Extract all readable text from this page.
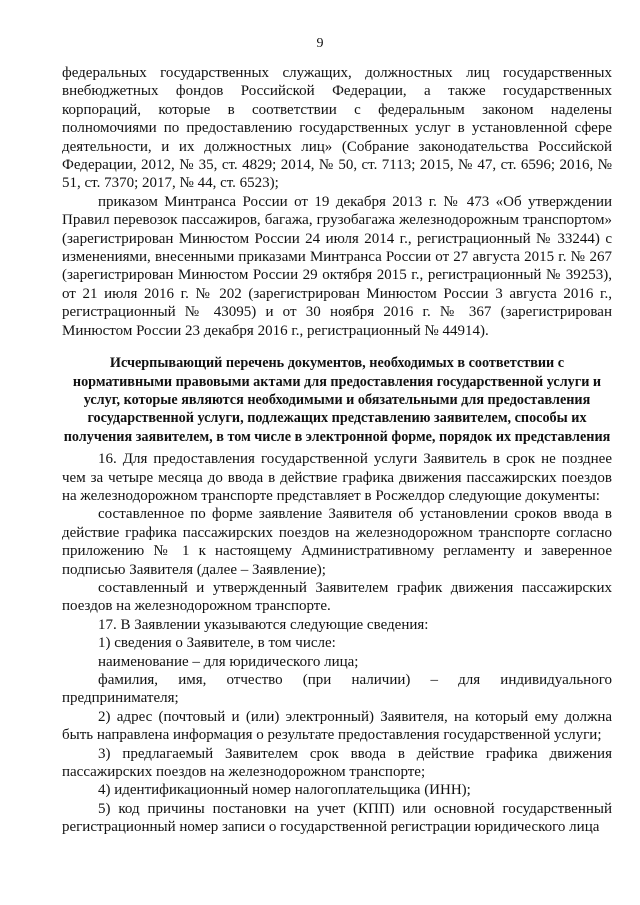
9

федеральных государственных служащих, должностных лиц государственных внебюджетных фондов Российской Федерации, а также государственных корпораций, которые в соответствии с федеральным законом наделены полномочиями по предоставлению государственных услуг в установленной сфере деятельности, и их должностных лиц» (Собрание законодательства Российской Федерации, 2012, № 35, ст. 4829; 2014, № 50, ст. 7113; 2015, № 47, ст. 6596; 2016, № 51, ст. 7370; 2017, № 44, ст. 6523);

приказом Минтранса России от 19 декабря 2013 г. № 473 «Об утверждении Правил перевозок пассажиров, багажа, грузобагажа железнодорожным транспортом» (зарегистрирован Минюстом России 24 июля 2014 г., регистрационный № 33244) с изменениями, внесенными приказами Минтранса России от 27 августа 2015 г. № 267 (зарегистрирован Минюстом России 29 октября 2015 г., регистрационный № 39253), от 21 июля 2016 г. № 202 (зарегистрирован Минюстом России 3 августа 2016 г., регистрационный № 43095) и от 30 ноября 2016 г. № 367 (зарегистрирован Минюстом России 23 декабря 2016 г., регистрационный № 44914).

Исчерпывающий перечень документов, необходимых в соответствии с нормативными правовыми актами для предоставления государственной услуги и услуг, которые являются необходимыми и обязательными для предоставления государственной услуги, подлежащих представлению заявителем, способы их получения заявителем, в том числе в электронной форме, порядок их представления

16. Для предоставления государственной услуги Заявитель в срок не позднее чем за четыре месяца до ввода в действие графика движения пассажирских поездов на железнодорожном транспорте представляет в Росжелдор следующие документы:

составленное по форме заявление Заявителя об установлении сроков ввода в действие графика пассажирских поездов на железнодорожном транспорте согласно приложению № 1 к настоящему Административному регламенту и заверенное подписью Заявителя (далее – Заявление);

составленный и утвержденный Заявителем график движения пассажирских поездов на железнодорожном транспорте.

17. В Заявлении указываются следующие сведения:

1) сведения о Заявителе, в том числе:

наименование – для юридического лица;

фамилия, имя, отчество (при наличии) – для индивидуального предпринимателя;

2) адрес (почтовый и (или) электронный) Заявителя, на который ему должна быть направлена информация о результате предоставления государственной услуги;

3) предлагаемый Заявителем срок ввода в действие графика движения пассажирских поездов на железнодорожном транспорте;

4) идентификационный номер налогоплательщика (ИНН);

5) код причины постановки на учет (КПП) или основной государственный регистрационный номер записи о государственной регистрации юридического лица
